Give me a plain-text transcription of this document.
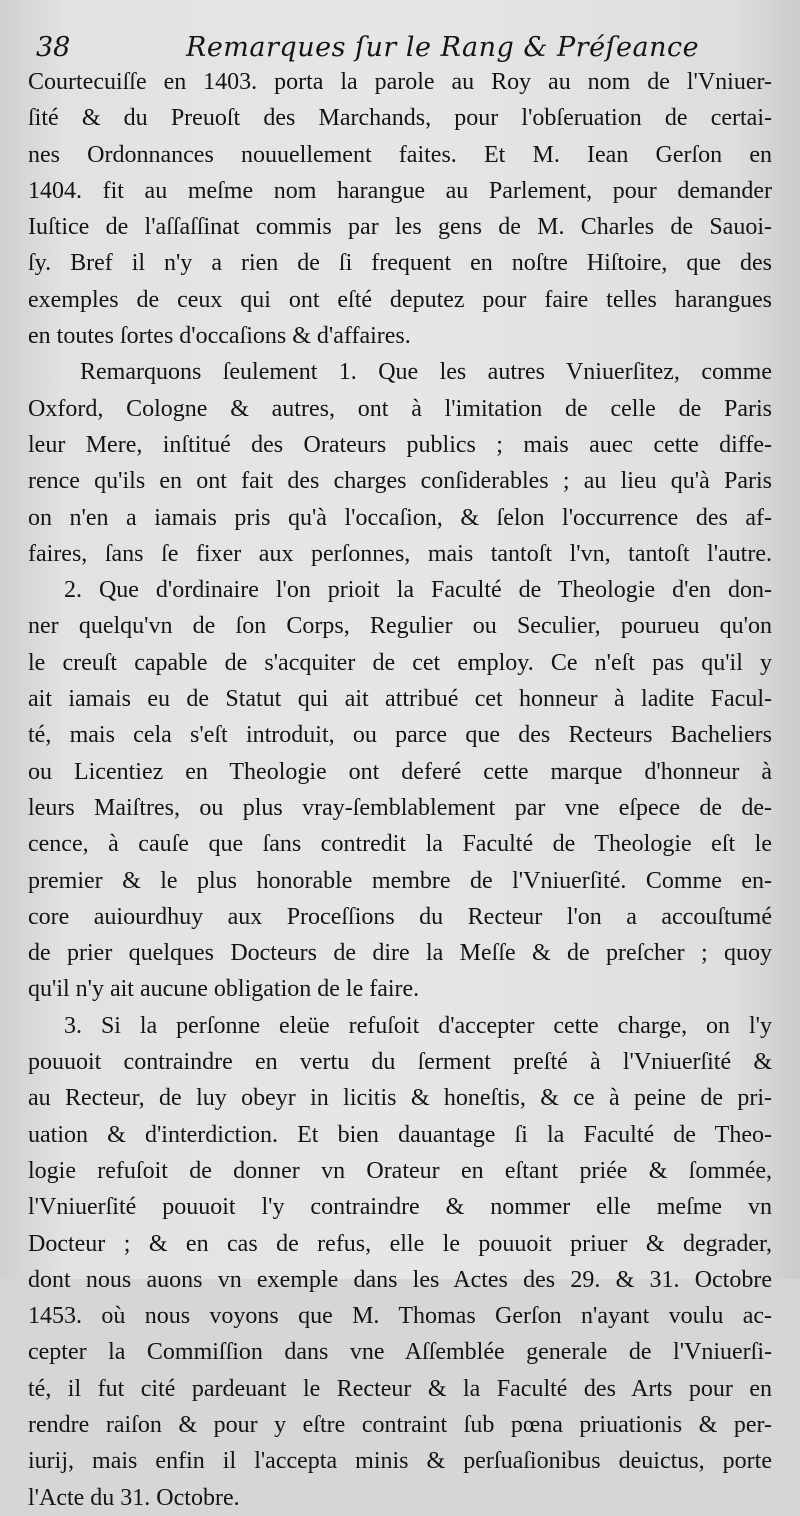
38	Remarques ſur le Rang & Préſeance
Courtecuiſſe en 1403. porta la parole au Roy au nom de l'Vniuer-
ſité & du Preuoſt des Marchands, pour l'obſeruation de certai-
nes Ordonnances nouuellement faites. Et M. Iean Gerſon en
1404. fit au meſme nom harangue au Parlement, pour demander
Iuſtice de l'aſſaſſinat commis par les gens de M. Charles de Sauoi-
ſy. Bref il n'y a rien de ſi frequent en noſtre Hiſtoire, que des
exemples de ceux qui ont eſté deputez pour faire telles harangues
en toutes ſortes d'occaſions & d'affaires.
Remarquons ſeulement 1. Que les autres Vniuerſitez, comme
Oxford, Cologne & autres, ont à l'imitation de celle de Paris
leur Mere, inſtitué des Orateurs publics ; mais auec cette diffe-
rence qu'ils en ont fait des charges conſiderables ; au lieu qu'à Paris
on n'en a iamais pris qu'à l'occaſion, & ſelon l'occurrence des af-
faires, ſans ſe fixer aux perſonnes, mais tantoſt l'vn, tantoſt l'autre.
2. Que d'ordinaire l'on prioit la Faculté de Theologie d'en don-
ner quelqu'vn de ſon Corps, Regulier ou Seculier, pourueu qu'on
le creuſt capable de s'acquiter de cet employ. Ce n'eſt pas qu'il y
ait iamais eu de Statut qui ait attribué cet honneur à ladite Facul-
té, mais cela s'eſt introduit, ou parce que des Recteurs Bacheliers
ou Licentiez en Theologie ont deferé cette marque d'honneur à
leurs Maiſtres, ou plus vray-ſemblablement par vne eſpece de de-
cence, à cauſe que ſans contredit la Faculté de Theologie eſt le
premier & le plus honorable membre de l'Vniuerſité. Comme en-
core auiourdhuy aux Proceſſions du Recteur l'on a accouſtumé
de prier quelques Docteurs de dire la Meſſe & de preſcher ; quoy
qu'il n'y ait aucune obligation de le faire.
3. Si la perſonne eleüe refuſoit d'accepter cette charge, on l'y
pouuoit contraindre en vertu du ſerment preſté à l'Vniuerſité &
au Recteur, de luy obeyr in licitis & honeſtis, & ce à peine de pri-
uation & d'interdiction. Et bien dauantage ſi la Faculté de Theo-
logie refuſoit de donner vn Orateur en eſtant priée & ſommée,
l'Vniuerſité pouuoit l'y contraindre & nommer elle meſme vn
Docteur ; & en cas de refus, elle le pouuoit priuer & degrader,
dont nous auons vn exemple dans les Actes des 29. & 31. Octobre
1453. où nous voyons que M. Thomas Gerſon n'ayant voulu ac-
cepter la Commiſſion dans vne Aſſemblée generale de l'Vniuerſi-
té, il fut cité pardeuant le Recteur & la Faculté des Arts pour en
rendre raiſon & pour y eſtre contraint ſub pœna priuationis & per-
iurij, mais enfin il l'accepta minis & perſuaſionibus deuictus, porte
l'Acte du 31. Octobre.
